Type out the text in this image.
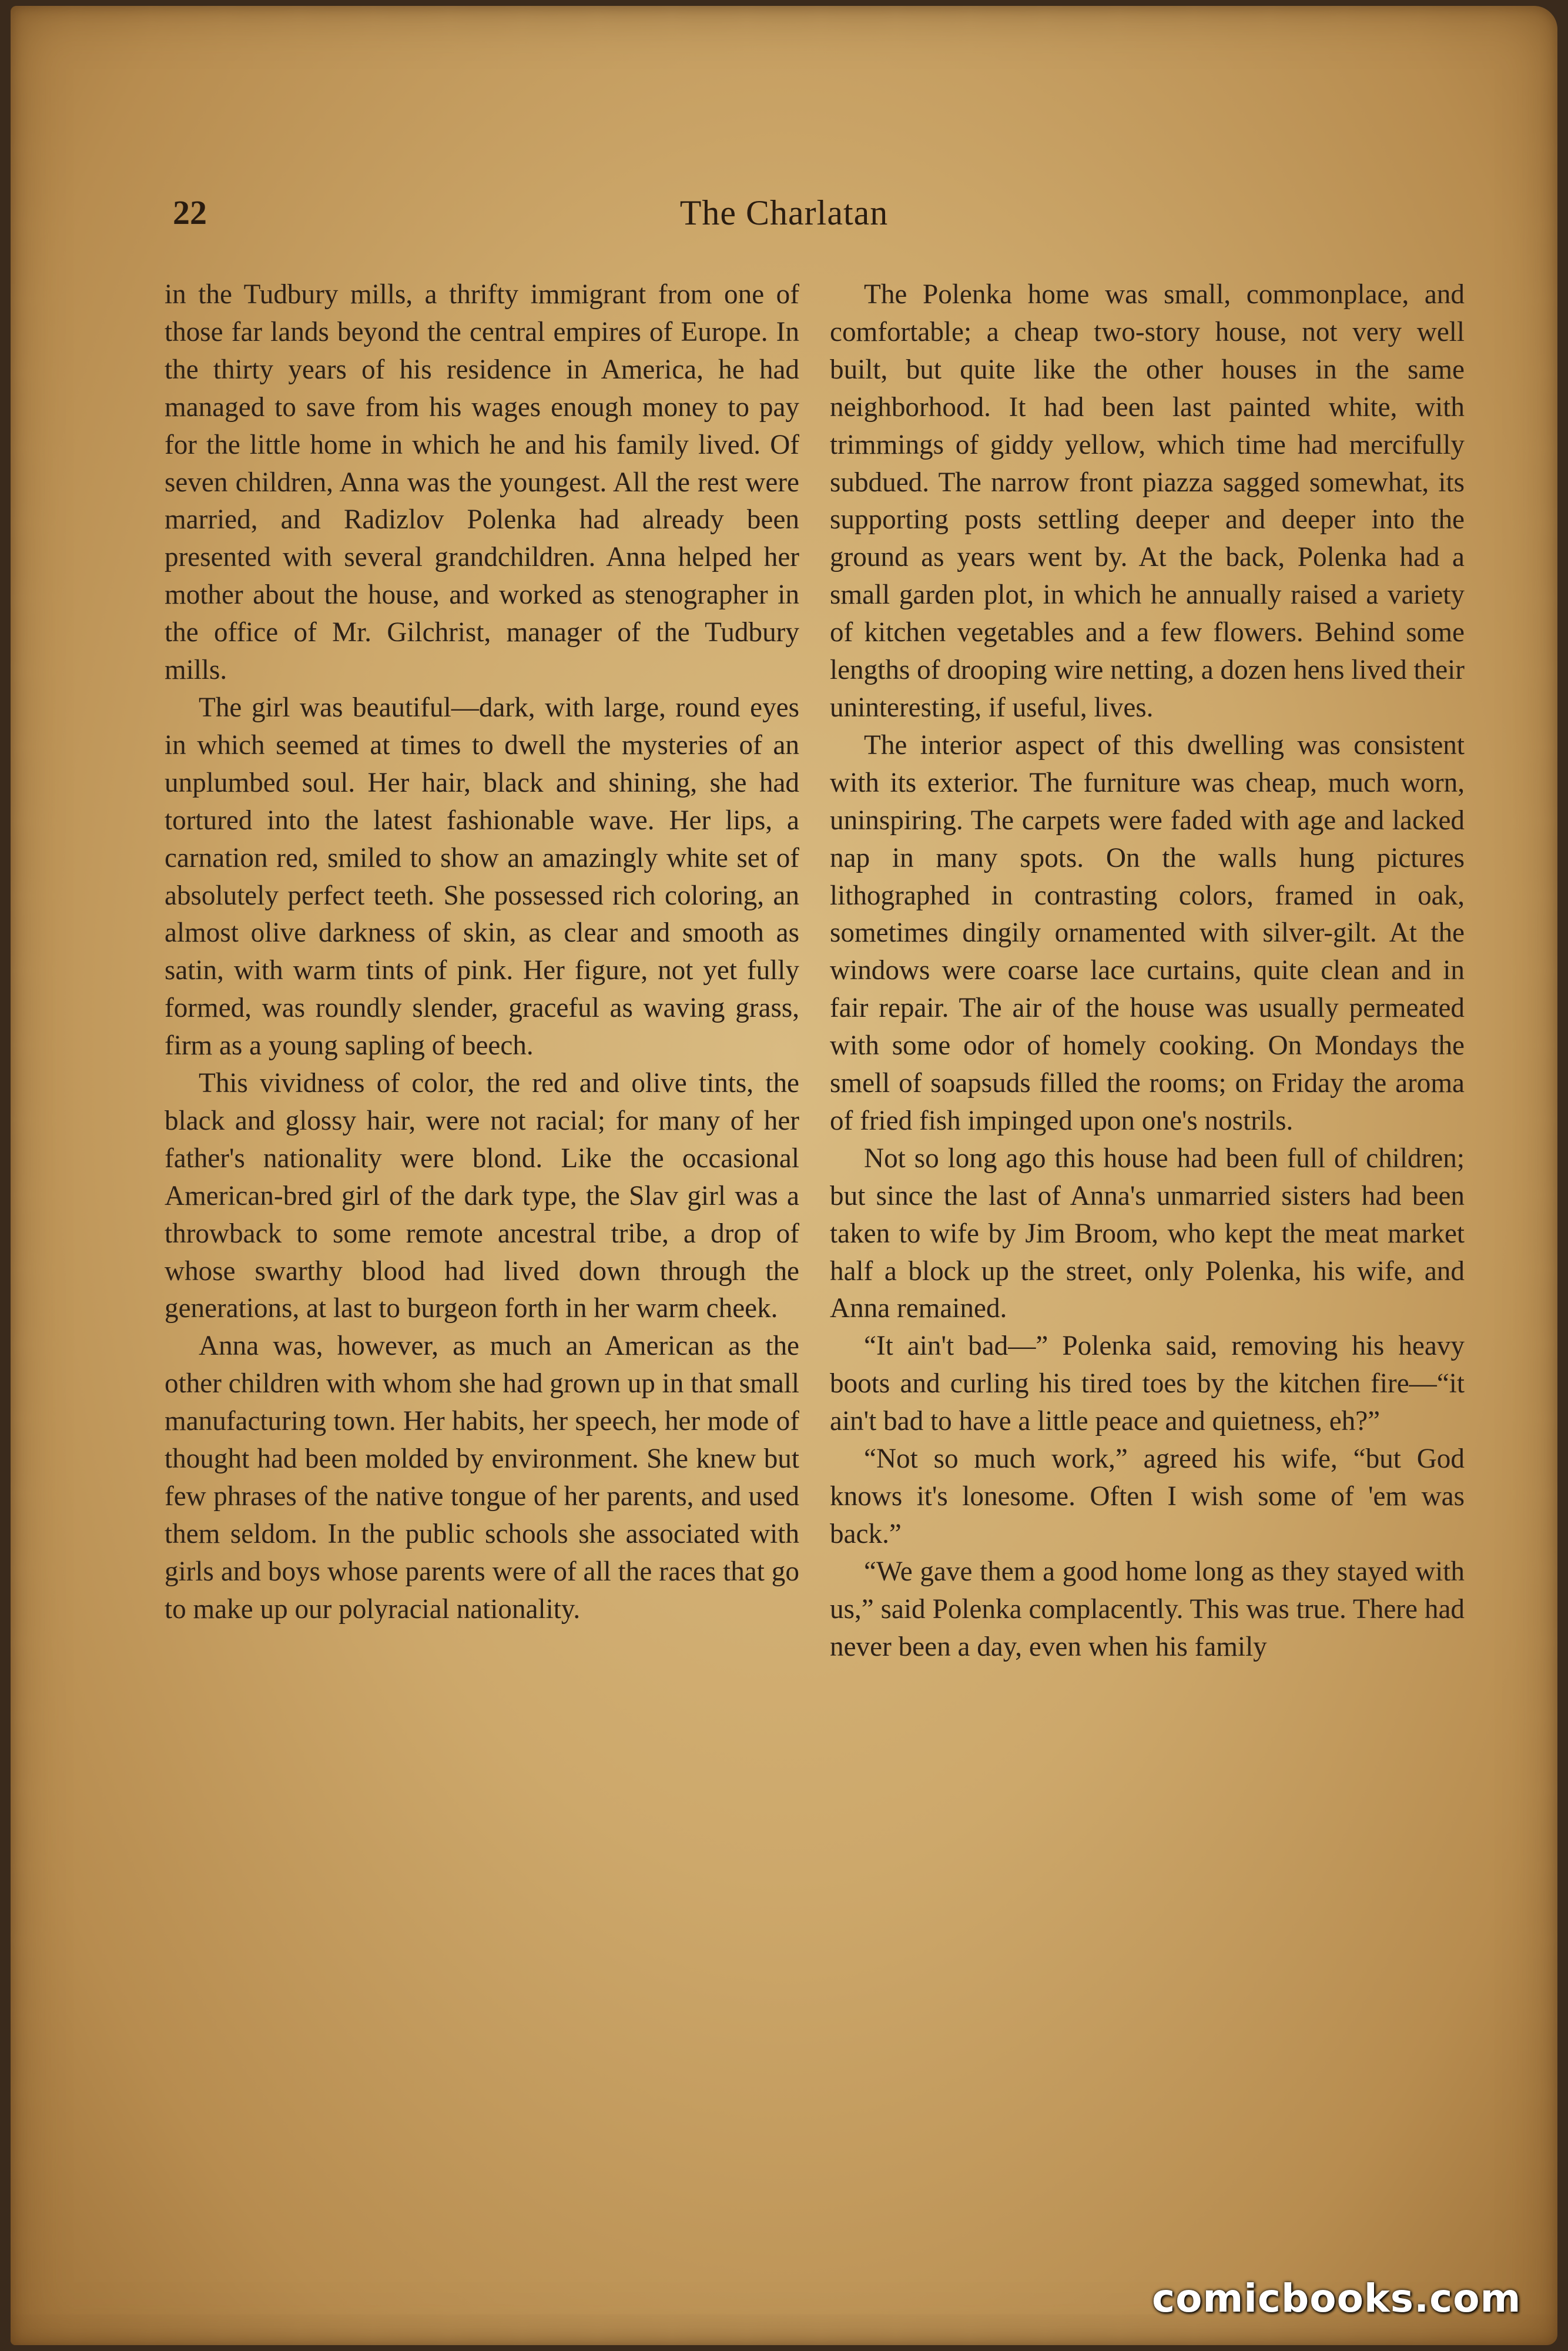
22	The Charlatan

in the Tudbury mills, a thrifty immigrant from one of those far lands beyond the central empires of Europe. In the thirty years of his residence in America, he had managed to save from his wages enough money to pay for the little home in which he and his family lived. Of seven children, Anna was the youngest. All the rest were married, and Radizlov Polenka had already been presented with several grandchildren. Anna helped her mother about the house, and worked as stenographer in the office of Mr. Gilchrist, manager of the Tudbury mills.

The girl was beautiful—dark, with large, round eyes in which seemed at times to dwell the mysteries of an unplumbed soul. Her hair, black and shining, she had tortured into the latest fashionable wave. Her lips, a carnation red, smiled to show an amazingly white set of absolutely perfect teeth. She possessed rich coloring, an almost olive darkness of skin, as clear and smooth as satin, with warm tints of pink. Her figure, not yet fully formed, was roundly slender, graceful as waving grass, firm as a young sapling of beech.

This vividness of color, the red and olive tints, the black and glossy hair, were not racial; for many of her father's nationality were blond. Like the occasional American-bred girl of the dark type, the Slav girl was a throwback to some remote ancestral tribe, a drop of whose swarthy blood had lived down through the generations, at last to burgeon forth in her warm cheek.

Anna was, however, as much an American as the other children with whom she had grown up in that small manufacturing town. Her habits, her speech, her mode of thought had been molded by environment. She knew but few phrases of the native tongue of her parents, and used them seldom. In the public schools she associated with girls and boys whose parents were of all the races that go to make up our polyracial nationality.

The Polenka home was small, commonplace, and comfortable; a cheap two-story house, not very well built, but quite like the other houses in the same neighborhood. It had been last painted white, with trimmings of giddy yellow, which time had mercifully subdued. The narrow front piazza sagged somewhat, its supporting posts settling deeper and deeper into the ground as years went by. At the back, Polenka had a small garden plot, in which he annually raised a variety of kitchen vegetables and a few flowers. Behind some lengths of drooping wire netting, a dozen hens lived their uninteresting, if useful, lives.

The interior aspect of this dwelling was consistent with its exterior. The furniture was cheap, much worn, uninspiring. The carpets were faded with age and lacked nap in many spots. On the walls hung pictures lithographed in contrasting colors, framed in oak, sometimes dingily ornamented with silver-gilt. At the windows were coarse lace curtains, quite clean and in fair repair. The air of the house was usually permeated with some odor of homely cooking. On Mondays the smell of soapsuds filled the rooms; on Friday the aroma of fried fish impinged upon one's nostrils.

Not so long ago this house had been full of children; but since the last of Anna's unmarried sisters had been taken to wife by Jim Broom, who kept the meat market half a block up the street, only Polenka, his wife, and Anna remained.

“It ain't bad—” Polenka said, removing his heavy boots and curling his tired toes by the kitchen fire—“it ain't bad to have a little peace and quietness, eh?”

“Not so much work,” agreed his wife, “but God knows it's lonesome. Often I wish some of 'em was back.”

“We gave them a good home long as they stayed with us,” said Polenka complacently. This was true. There had never been a day, even when his family

comicbooks.com
